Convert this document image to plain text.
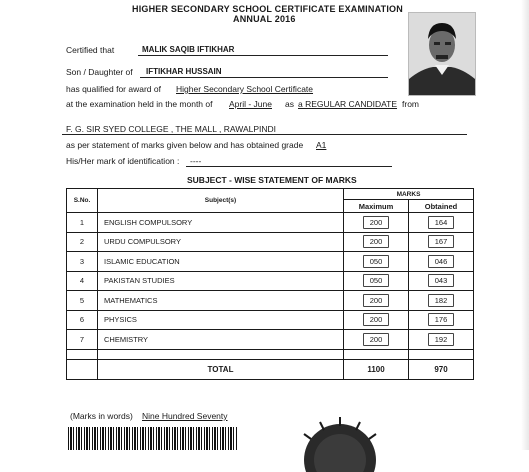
HIGHER SECONDARY SCHOOL CERTIFICATE EXAMINATION
ANNUAL 2016
Certified that	MALIK SAQIB IFTIKHAR
Son / Daughter of IFTIKHAR HUSSAIN
has qualified for award of Higher Secondary School Certificate
at the examination held in the month of April - June as a REGULAR CANDIDATE from
F. G. SIR SYED COLLEGE , THE MALL , RAWALPINDI
as per statement of marks given below and has obtained grade A1
His/Her mark of identification : ----
SUBJECT - WISE STATEMENT OF MARKS
S.No.	Subject(s)	MARKS	
		Maximum	Obtained
1	ENGLISH COMPULSORY	200	164
2	URDU COMPULSORY	200	167
3	ISLAMIC EDUCATION	050	046
4	PAKISTAN STUDIES	050	043
5	MATHEMATICS	200	182
6	PHYSICS	200	176
7	CHEMISTRY	200	192

	TOTAL	1100	970
(Marks in words) Nine Hundred Seventy
